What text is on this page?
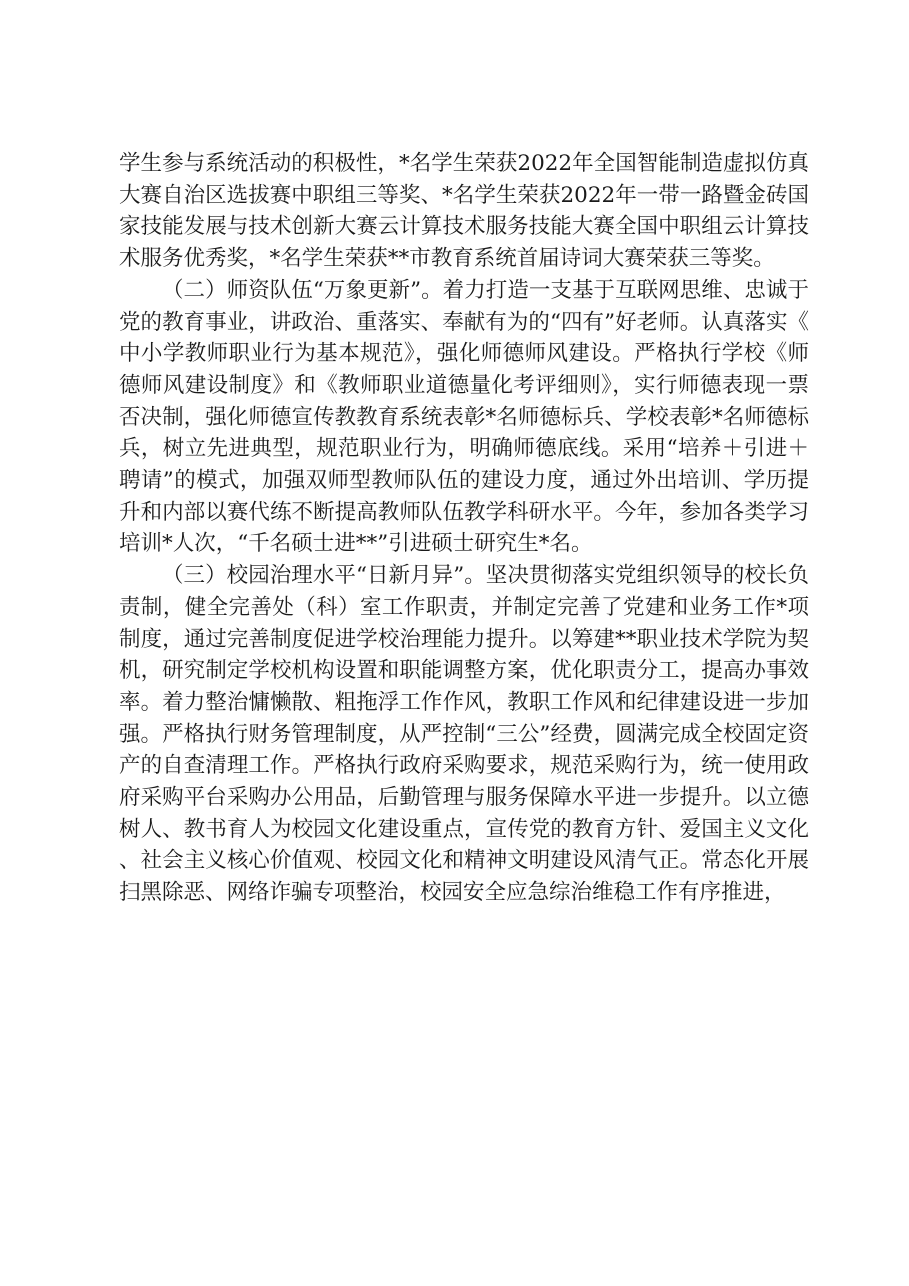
学生参与系统活动的积极性，*名学生荣获2022年全国智能制造虚拟仿真大赛自治区选拔赛中职组三等奖、*名学生荣获2022年一带一路暨金砖国家技能发展与技术创新大赛云计算技术服务技能大赛全国中职组云计算技术服务优秀奖，*名学生荣获**市教育系统首届诗词大赛荣获三等奖。

（二）师资队伍“万象更新”。着力打造一支基于互联网思维、忠诚于党的教育事业，讲政治、重落实、奉献有为的“四有”好老师。认真落实《中小学教师职业行为基本规范》，强化师德师风建设。严格执行学校《师德师风建设制度》和《教师职业道德量化考评细则》，实行师德表现一票否决制，强化师德宣传教教育系统表彰*名师德标兵、学校表彰*名师德标兵，树立先进典型，规范职业行为，明确师德底线。采用“培养＋引进＋聘请”的模式，加强双师型教师队伍的建设力度，通过外出培训、学历提升和内部以赛代练不断提高教师队伍教学科研水平。今年，参加各类学习培训*人次，“千名硕士进**”引进硕士研究生*名。

（三）校园治理水平“日新月异”。坚决贯彻落实党组织领导的校长负责制，健全完善处（科）室工作职责，并制定完善了党建和业务工作*项制度，通过完善制度促进学校治理能力提升。以筹建**职业技术学院为契机，研究制定学校机构设置和职能调整方案，优化职责分工，提高办事效率。着力整治慵懒散、粗拖浮工作作风，教职工作风和纪律建设进一步加强。严格执行财务管理制度，从严控制“三公”经费，圆满完成全校固定资产的自查清理工作。严格执行政府采购要求，规范采购行为，统一使用政府采购平台采购办公用品，后勤管理与服务保障水平进一步提升。以立德树人、教书育人为校园文化建设重点，宣传党的教育方针、爱国主义文化、社会主义核心价值观、校园文化和精神文明建设风清气正。常态化开展扫黑除恶、网络诈骗专项整治，校园安全应急综治维稳工作有序推进，
